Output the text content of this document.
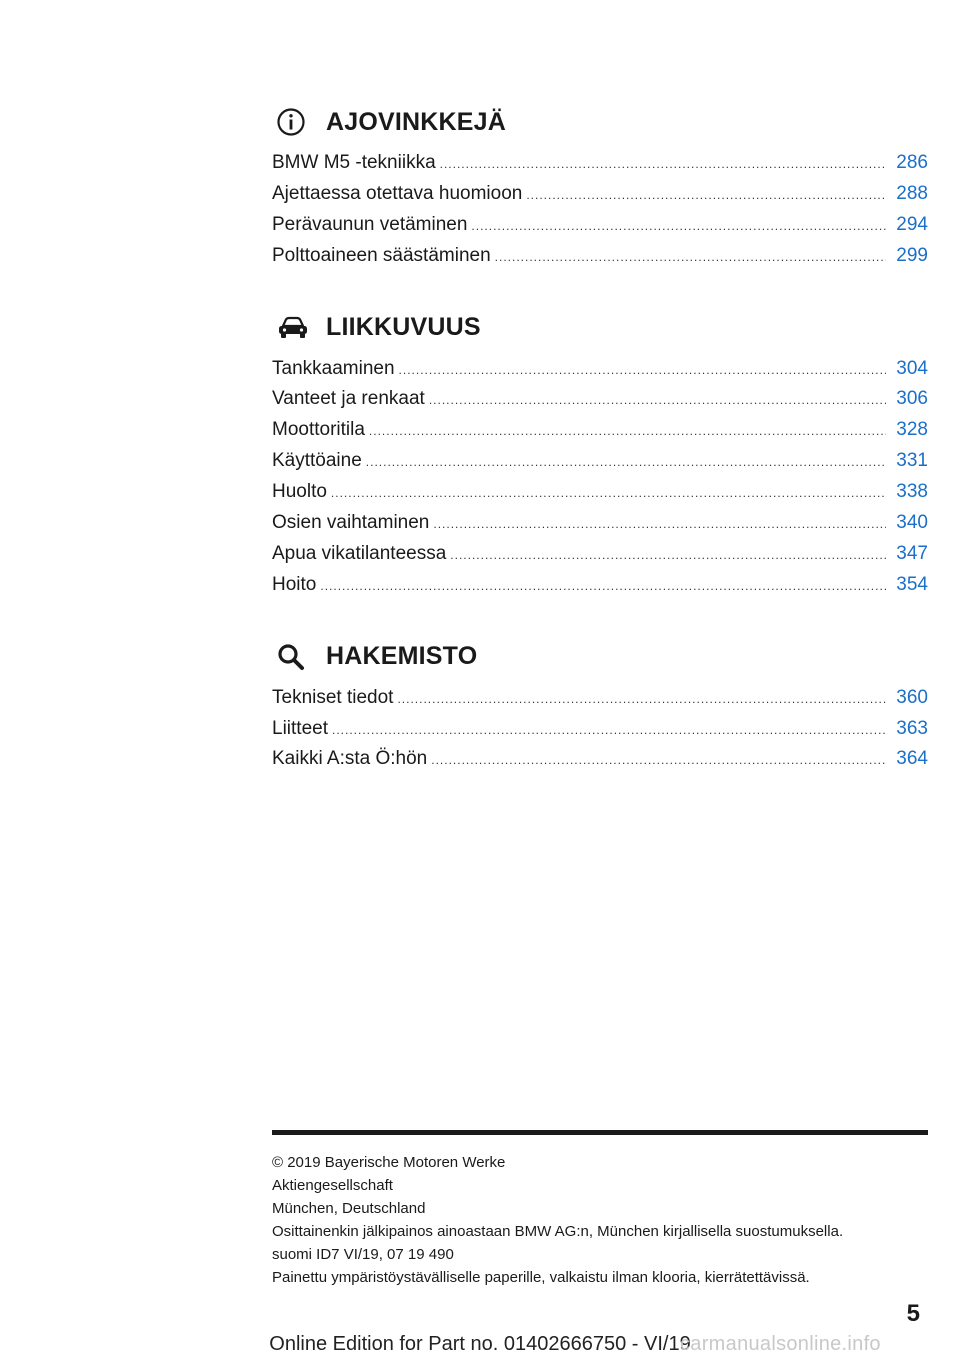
AJOVINKKEJÄ
BMW M5 -tekniikka .....	286
Ajettaessa otettava huomioon .....	288
Perävaunun vetäminen .....	294
Polttoaineen säästäminen .....	299
LIIKKUVUUS
Tankkaaminen .....	304
Vanteet ja renkaat .....	306
Moottoritila .....	328
Käyttöaine .....	331
Huolto .....	338
Osien vaihtaminen .....	340
Apua vikatilanteessa .....	347
Hoito .....	354
HAKEMISTO
Tekniset tiedot .....	360
Liitteet .....	363
Kaikki A:sta Ö:hön .....	364
© 2019 Bayerische Motoren Werke
Aktiengesellschaft
München, Deutschland
Osittainenkin jälkipainos ainoastaan BMW AG:n, München kirjallisella suostumuksella.
suomi ID7 VI/19, 07 19 490
Painettu ympäristöystävälliselle paperille, valkaistu ilman klooria, kierrätettävissä.
5
Online Edition for Part no. 01402666750 - VI/19
carmanualsonline.info
